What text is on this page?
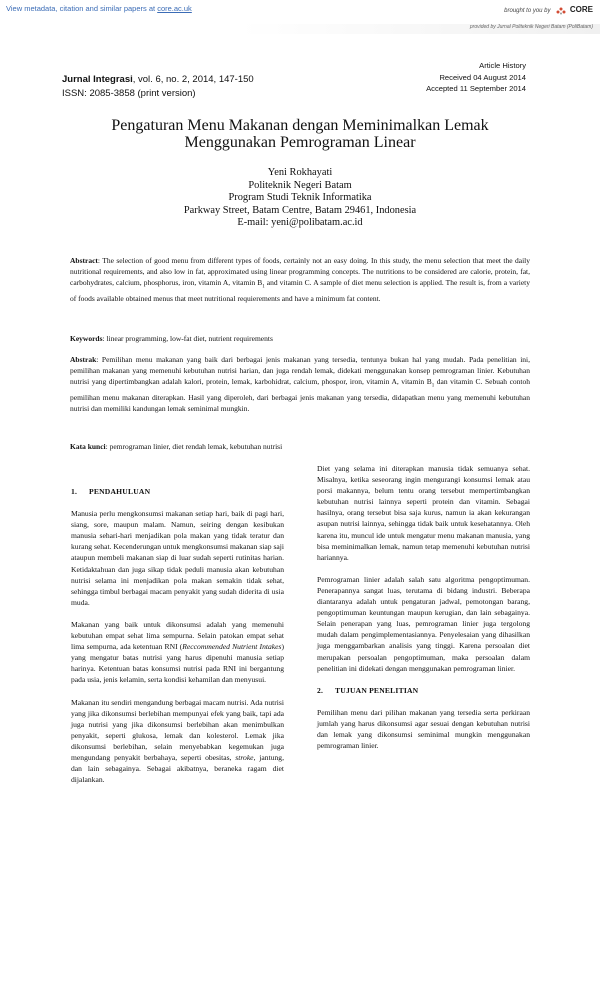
View metadata, citation and similar papers at core.ac.uk	brought to you by CORE
provided by Jurnal Politeknik Negeri Batam (PoliBatam)
Jurnal Integrasi, vol. 6, no. 2, 2014, 147-150
ISSN: 2085-3858 (print version)
Article History
Received 04 August 2014
Accepted 11 September 2014
Pengaturan Menu Makanan dengan Meminimalkan Lemak
Menggunakan Pemrograman Linear
Yeni Rokhayati
Politeknik Negeri Batam
Program Studi Teknik Informatika
Parkway Street, Batam Centre, Batam 29461, Indonesia
E-mail: yeni@polibatam.ac.id
Abstract: The selection of good menu from different types of foods, certainly not an easy doing. In this study, the menu selection that meet the daily nutritional requirements, and also low in fat, approximated using linear programming concepts. The nutritions to be considered are calorie, protein, fat, carbohydrates, calcium, phosphorus, iron, vitamin A, vitamin $B_1$ and vitamin C. A sample of diet menu selection is applied. The result is, from a variety of foods available obtained menus that meet nutritional requierements and have a minimum fat content.
Keywords: linear programming, low-fat diet, nutrient requirements
Abstrak: Pemilihan menu makanan yang baik dari berbagai jenis makanan yang tersedia, tentunya bukan hal yang mudah. Pada penelitian ini, pemilihan makanan yang memenuhi kebutuhan nutrisi harian, dan juga rendah lemak, didekati menggunakan konsep pemrograman linier. Kebutuhan nutrisi yang dipertimbangkan adalah kalori, protein, lemak, karbohidrat, calcium, phospor, iron, vitamin A, vitamin $B_1$ dan vitamin C. Sebuah contoh pemilihan menu makanan diterapkan. Hasil yang diperoleh, dari berbagai jenis makanan yang tersedia, didapatkan menu yang memenuhi kebutuhan nutrisi dan memiliki kandungan lemak seminimal mungkin.
Kata kunci: pemrograman linier, diet rendah lemak, kebutuhan nutrisi

1. PENDAHULUAN

Manusia perlu mengkonsumsi makanan setiap hari, baik di pagi hari, siang, sore, maupun malam. Namun, seiring dengan kesibukan manusia sehari-hari menjadikan pola makan yang tidak teratur dan kurang sehat. Kecenderungan untuk mengkonsumsi makanan siap saji ataupun membeli makanan siap di luar sudah seperti rutinitas harian. Ketidaktahuan dan juga sikap tidak peduli manusia akan kebutuhan nutrisi selama ini menjadikan pola makan semakin tidak sehat, sehingga timbul berbagai macam penyakit yang sudah diderita di usia muda.

Makanan yang baik untuk dikonsumsi adalah yang memenuhi kebutuhan empat sehat lima sempurna. Selain patokan empat sehat lima sempurna, ada ketentuan RNI (Reccommended Nutrient Intakes) yang mengatur batas nutrisi yang harus dipenuhi manusia setiap harinya. Ketentuan batas konsumsi nutrisi pada RNI ini bergantung pada usia, jenis kelamin, serta kondisi kehamilan dan menyusui.

Makanan itu sendiri mengandung berbagai macam nutrisi. Ada nutrisi yang jika dikonsumsi berlebihan mempunyai efek yang baik, tapi ada juga nutrisi yang jika dikonsumsi berlebihan akan menimbulkan penyakit, seperti glukosa, lemak dan kolesterol. Lemak jika dikonsumsi berlebihan, selain menyebabkan kegemukan juga mengundang penyakit berbahaya, seperti obesitas, stroke, jantung, dan lain sebagainya. Sebagai akibatnya, beraneka ragam diet dijalankan.

Diet yang selama ini diterapkan manusia tidak semuanya sehat. Misalnya, ketika seseorang ingin mengurangi konsumsi lemak atau porsi makannya, belum tentu orang tersebut mempertimbangkan kebutuhan nutrisi lainnya seperti protein dan vitamin. Sebagai hasilnya, orang tersebut bisa saja kurus, namun ia akan kekurangan asupan nutrisi lainnya, sehingga tidak baik untuk kesehatannya. Oleh karena itu, muncul ide untuk mengatur menu makanan manusia, yang bisa meminimalkan lemak, namun tetap memenuhi kebutuhan nutrisi hariannya.

Pemrograman linier adalah salah satu algoritma pengoptimuman. Penerapannya sangat luas, terutama di bidang industri. Beberapa diantaranya adalah untuk pengaturan jadwal, pemotongan barang, pengoptimuman keuntungan maupun kerugian, dan lain sebagainya. Selain penerapan yang luas, pemrograman linier juga tergolong mudah dalam pengimplementasiannya. Penyelesaian yang dihasilkan juga menggambarkan analisis yang tinggi. Karena persoalan diet merupakan persoalan pengoptimuman, maka persoalan dalam penelitian ini didekati dengan menggunakan pemrograman linier.

2. TUJUAN PENELITIAN

Pemilihan menu dari pilihan makanan yang tersedia serta perkiraan jumlah yang harus dikonsumsi agar sesuai dengan kebutuhan nutrisi dan lemak yang dikonsumsi seminimal mungkin menggunakan pemrograman linier.
